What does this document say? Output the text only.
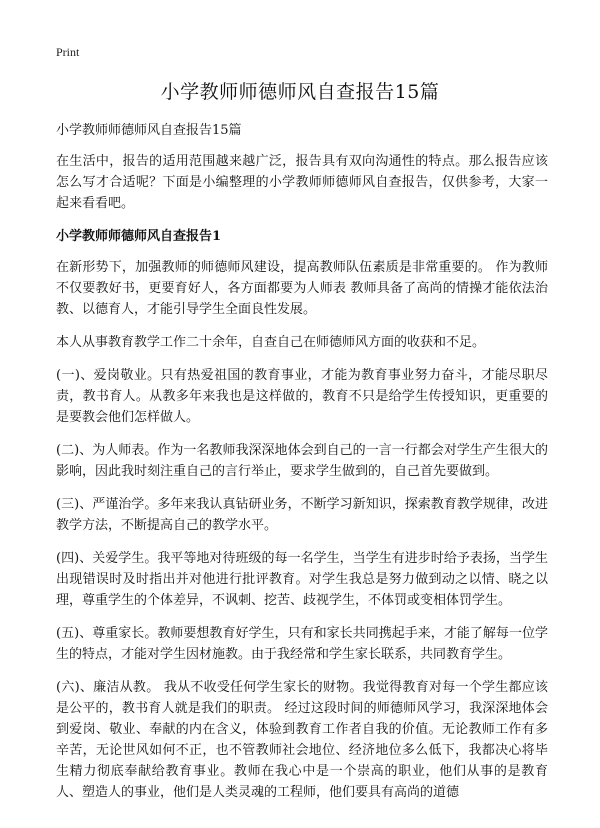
Print
小学教师师德师风自查报告15篇

小学教师师德师风自查报告15篇

在生活中，报告的适用范围越来越广泛，报告具有双向沟通性的特点。那么报告应该怎么写才合适呢？下面是小编整理的小学教师师德师风自查报告，仅供参考，大家一起来看看吧。

小学教师师德师风自查报告1

在新形势下，加强教师的师德师风建设，提高教师队伍素质是非常重要的。 作为教师不仅要教好书，更要育好人，各方面都要为人师表 教师具备了高尚的情操才能依法治教、以德育人，才能引导学生全面良性发展。

本人从事教育教学工作二十余年，自查自己在师德师风方面的收获和不足。

(一)、爱岗敬业。只有热爱祖国的教育事业，才能为教育事业努力奋斗，才能尽职尽责，教书育人。从教多年来我也是这样做的，教育不只是给学生传授知识，更重要的是要教会他们怎样做人。

(二)、为人师表。作为一名教师我深深地体会到自己的一言一行都会对学生产生很大的影响，因此我时刻注重自己的言行举止，要求学生做到的，自己首先要做到。

(三)、严谨治学。多年来我认真钻研业务，不断学习新知识，探索教育教学规律，改进教学方法，不断提高自己的教学水平。

(四)、关爱学生。我平等地对待班级的每一名学生，当学生有进步时给予表扬，当学生出现错误时及时指出并对他进行批评教育。对学生我总是努力做到动之以情、晓之以理，尊重学生的个体差异，不讽刺、挖苦、歧视学生，不体罚或变相体罚学生。

(五)、尊重家长。教师要想教育好学生，只有和家长共同携起手来，才能了解每一位学生的特点，才能对学生因材施教。由于我经常和学生家长联系，共同教育学生。

(六)、廉洁从教。 我从不收受任何学生家长的财物。我觉得教育对每一个学生都应该是公平的，教书育人就是我们的职责。 经过这段时间的师德师风学习，我深深地体会到爱岗、敬业、奉献的内在含义，体验到教育工作者自我的价值。无论教师工作有多辛苦，无论世风如何不正，也不管教师社会地位、经济地位多么低下，我都决心将毕生精力彻底奉献给教育事业。教师在我心中是一个崇高的职业，他们从事的是教育人、塑造人的事业，他们是人类灵魂的工程师，他们要具有高尚的道德
